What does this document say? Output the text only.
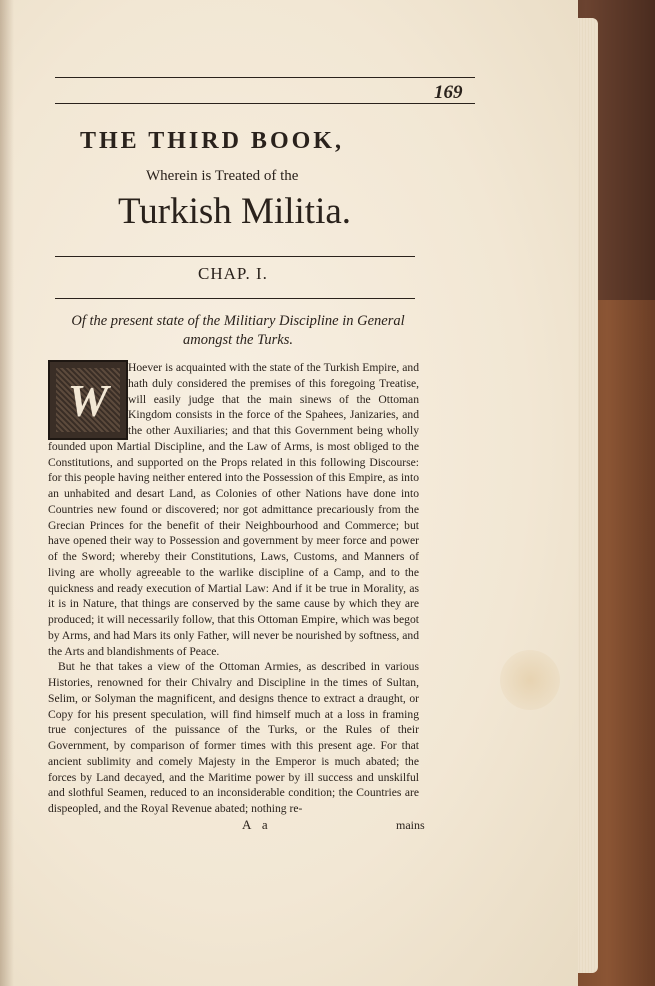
169
THE THIRD BOOK,
Wherein is Treated of the
Turkish Militia.
CHAP. I.
Of the present state of the Militiary Discipline in General amongst the Turks.

Hoever is acquainted with the state of the Turkish Empire, and hath duly considered the premises of this foregoing Treatise, will easily judge that the main sinews of the Ottoman Kingdom consists in the force of the Spahees, Janizaries, and the other Auxiliaries; and that this Government being wholly founded upon Martial Discipline, and the Law of Arms, is most obliged to the Constitutions, and supported on the Props related in this following Discourse: for this people having neither entered into the Possession of this Empire, as into an unhabited and desart Land, as Colonies of other Nations have done into Countries new found or discovered; nor got admittance precariously from the Grecian Princes for the benefit of their Neighbourhood and Commerce; but have opened their way to Possession and government by meer force and power of the Sword; whereby their Constitutions, Laws, Customs, and Manners of living are wholly agreeable to the warlike discipline of a Camp, and to the quickness and ready execution of Martial Law: And if it be true in Morality, as it is in Nature, that things are conserved by the same cause by which they are produced; it will necessarily follow, that this Ottoman Empire, which was begot by Arms, and had Mars its only Father, will never be nourished by softness, and the Arts and blandishments of Peace.

But he that takes a view of the Ottoman Armies, as described in various Histories, renowned for their Chivalry and Discipline in the times of Sultan, Selim, or Solyman the magnificent, and designs thence to extract a draught, or Copy for his present speculation, will find himself much at a loss in framing true conjectures of the puissance of the Turks, or the Rules of their Government, by comparison of former times with this present age. For that ancient sublimity and comely Majesty in the Emperor is much abated; the forces by Land decayed, and the Maritime power by ill success and unskilful and slothful Seamen, reduced to an inconsiderable condition; the Countries are dispeopled, and the Royal Revenue abated; nothing re-

W
A a	mains
